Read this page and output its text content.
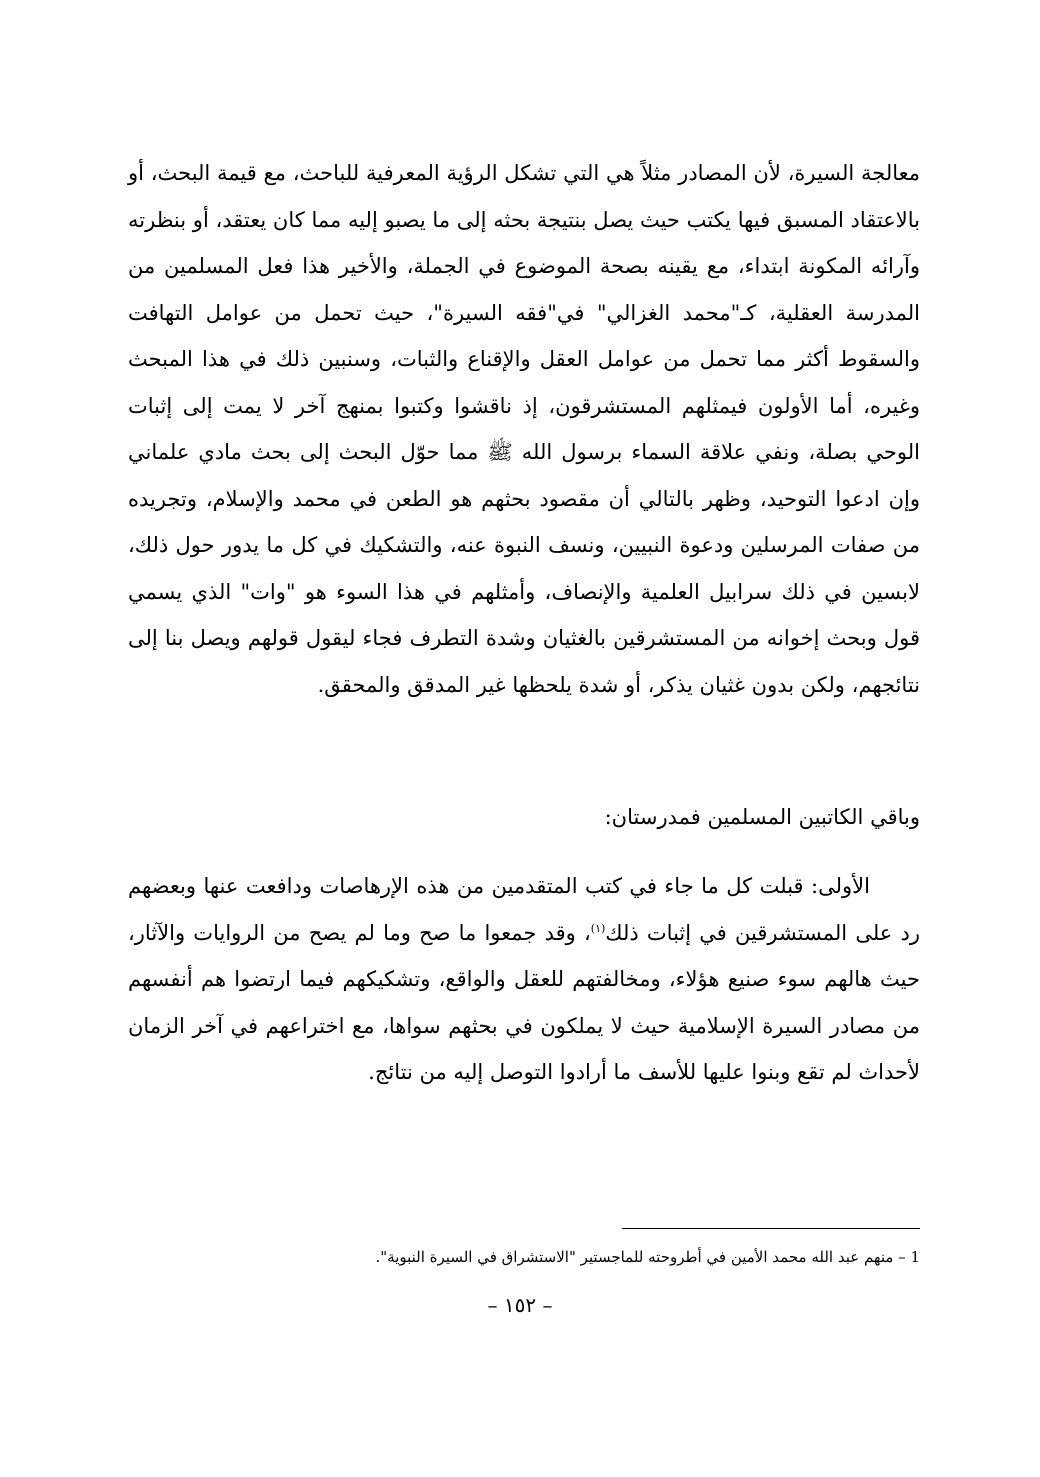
معالجة السيرة، لأن المصادر مثلاً هي التي تشكل الرؤية المعرفية للباحث، مع قيمة البحث، أو بالاعتقاد المسبق فيها يكتب حيث يصل بنتيجة بحثه إلى ما يصبو إليه مما كان يعتقد، أو بنظرته وآرائه المكونة ابتداء، مع يقينه بصحة الموضوع في الجملة، والأخير هذا فعل المسلمين من المدرسة العقلية، كـ"محمد الغزالي" في"فقه السيرة"، حيث تحمل من عوامل التهافت والسقوط أكثر مما تحمل من عوامل العقل والإقناع والثبات، وسنبين ذلك في هذا المبحث وغيره، أما الأولون فيمثلهم المستشرقون، إذ ناقشوا وكتبوا بمنهج آخر لا يمت إلى إثبات الوحي بصلة، ونفي علاقة السماء برسول الله ﷺ مما حوّل البحث إلى بحث مادي علماني وإن ادعوا التوحيد، وظهر بالتالي أن مقصود بحثهم هو الطعن في محمد والإسلام، وتجريده من صفات المرسلين ودعوة النبيين، ونسف النبوة عنه، والتشكيك في كل ما يدور حول ذلك، لابسين في ذلك سرابيل العلمية والإنصاف، وأمثلهم في هذا السوء هو "وات" الذي يسمي قول وبحث إخوانه من المستشرقين بالغثيان وشدة التطرف فجاء ليقول قولهم ويصل بنا إلى نتائجهم، ولكن بدون غثيان يذكر، أو شدة يلحظها غير المدقق والمحقق.

وباقي الكاتبين المسلمين فمدرستان:

الأولى: قبلت كل ما جاء في كتب المتقدمين من هذه الإرهاصات ودافعت عنها وبعضهم رد على المستشرقين في إثبات ذلك$^{(١)}$، وقد جمعوا ما صح وما لم يصح من الروايات والآثار، حيث هالهم سوء صنيع هؤلاء، ومخالفتهم للعقل والواقع، وتشكيكهم فيما ارتضوا هم أنفسهم من مصادر السيرة الإسلامية حيث لا يملكون في بحثهم سواها، مع اختراعهم في آخر الزمان لأحداث لم تقع وبنوا عليها للأسف ما أرادوا التوصل إليه من نتائج.

1 – منهم عبد الله محمد الأمين في أطروحته للماجستير "الاستشراق في السيرة النبوية".
– ١٥٢ –
